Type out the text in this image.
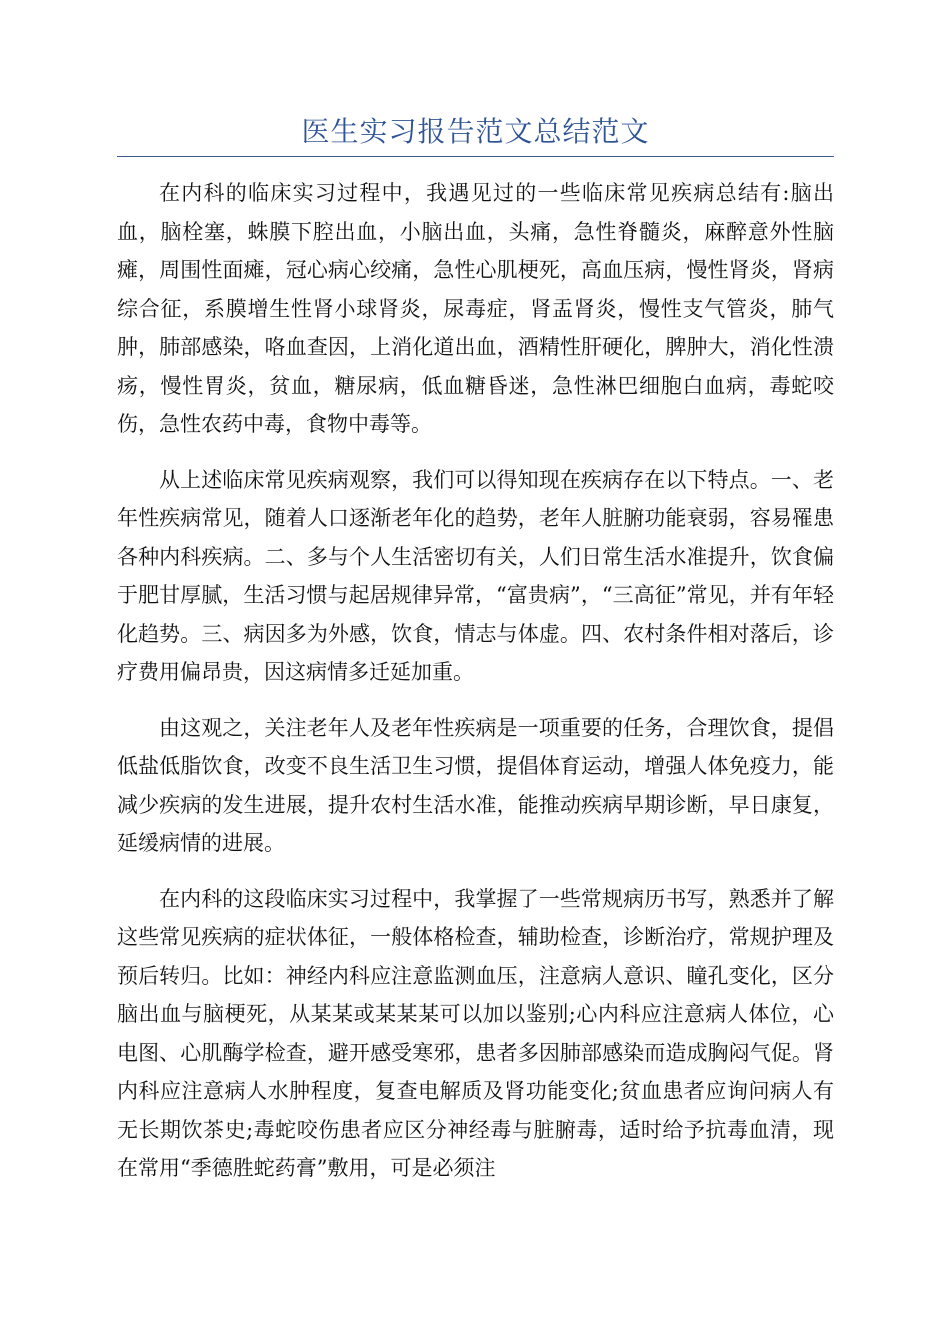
医生实习报告范文总结范文

在内科的临床实习过程中，我遇见过的一些临床常见疾病总结有:脑出血，脑栓塞，蛛膜下腔出血，小脑出血，头痛，急性脊髓炎，麻醉意外性脑瘫，周围性面瘫，冠心病心绞痛，急性心肌梗死，高血压病，慢性肾炎，肾病综合征，系膜增生性肾小球肾炎，尿毒症，肾盂肾炎，慢性支气管炎，肺气肿，肺部感染，咯血查因，上消化道出血，酒精性肝硬化，脾肿大，消化性溃疡，慢性胃炎，贫血，糖尿病，低血糖昏迷，急性淋巴细胞白血病，毒蛇咬伤，急性农药中毒，食物中毒等。

从上述临床常见疾病观察，我们可以得知现在疾病存在以下特点。一、老年性疾病常见，随着人口逐渐老年化的趋势，老年人脏腑功能衰弱，容易罹患各种内科疾病。二、多与个人生活密切有关，人们日常生活水准提升，饮食偏于肥甘厚腻，生活习惯与起居规律异常，“富贵病”，“三高征”常见，并有年轻化趋势。三、病因多为外感，饮食，情志与体虚。四、农村条件相对落后，诊疗费用偏昂贵，因这病情多迁延加重。

由这观之，关注老年人及老年性疾病是一项重要的任务，合理饮食，提倡低盐低脂饮食，改变不良生活卫生习惯，提倡体育运动，增强人体免疫力，能减少疾病的发生进展，提升农村生活水准，能推动疾病早期诊断，早日康复，延缓病情的进展。

在内科的这段临床实习过程中，我掌握了一些常规病历书写，熟悉并了解这些常见疾病的症状体征，一般体格检查，辅助检查，诊断治疗，常规护理及预后转归。比如：神经内科应注意监测血压，注意病人意识、瞳孔变化，区分脑出血与脑梗死，从某某或某某某可以加以鉴别;心内科应注意病人体位，心电图、心肌酶学检查，避开感受寒邪，患者多因肺部感染而造成胸闷气促。肾内科应注意病人水肿程度，复查电解质及肾功能变化;贫血患者应询问病人有无长期饮茶史;毒蛇咬伤患者应区分神经毒与脏腑毒，适时给予抗毒血清，现在常用“季德胜蛇药膏”敷用，可是必须注
